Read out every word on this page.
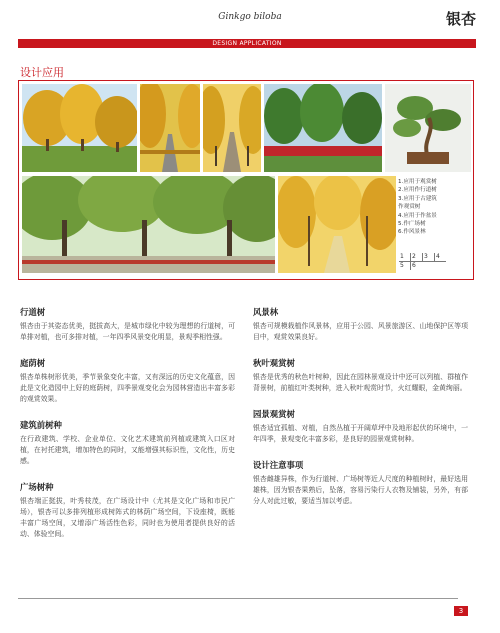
Ginkgo biloba	银杏
DESIGN APPLICATION
设计应用
1.应用于观赏树
2.应用作行道树
3.应用于古建筑
作观赏树
4.应用于作盆景
5.作广场树
6.作风景林
1	2	3	4
5	6		
行道树

银杏由于其姿态优美，挺拔高大，是城市绿化中较为理想的行道树，可单排对植，也可多排对植，一年四季风景变化明显，景观季相性强。

庭荫树

银杏单株树形优美，季节景象变化丰富，又有深远的历史文化蕴意，因此是文化造园中上好的庭荫树，四季景观变化会为园林营造出丰富多彩的观赏效果。

建筑前树种

在行政建筑、学校、企业单位、文化艺术建筑前列植或建筑入口区对植，在衬托建筑，增加特色的同时，又能增强其标识性，文化性，历史感。

广场树种

银杏端正挺拔，叶秀枝茂，在广场设计中（尤其是文化广场和市民广场），银杏可以多排列植形成树阵式的林荫广场空间，下设座椅，既能丰富广场空间，又增添广场活性色彩，同时也为使用者提供良好的活动、体验空间。

风景林

银杏可规模栽植作风景林，应用于公园、风景旅游区、山地保护区等项目中，观赏效果良好。

秋叶观赏树

银杏是优秀的秋色叶树种，因此在园林景观设计中还可以列植、群植作背景树，前植红叶类树种，进入秋叶观赏时节，火红耀眼，金黄绚丽。

园景观赏树

银杏适宜孤植、对植，自然丛植于开阔草坪中及地形起伏的环境中，一年四季，景观变化丰富多彩，是良好的园景观赏树种。

设计注意事项

银杏雌雄异株，作为行道树、广场树等近人尺度的种植树时，最好选用雄株，因为银杏果熟后，坠落，容易污染行人衣物及铺装，另外，有部分人对此过敏，要适当加以考虑。

3
